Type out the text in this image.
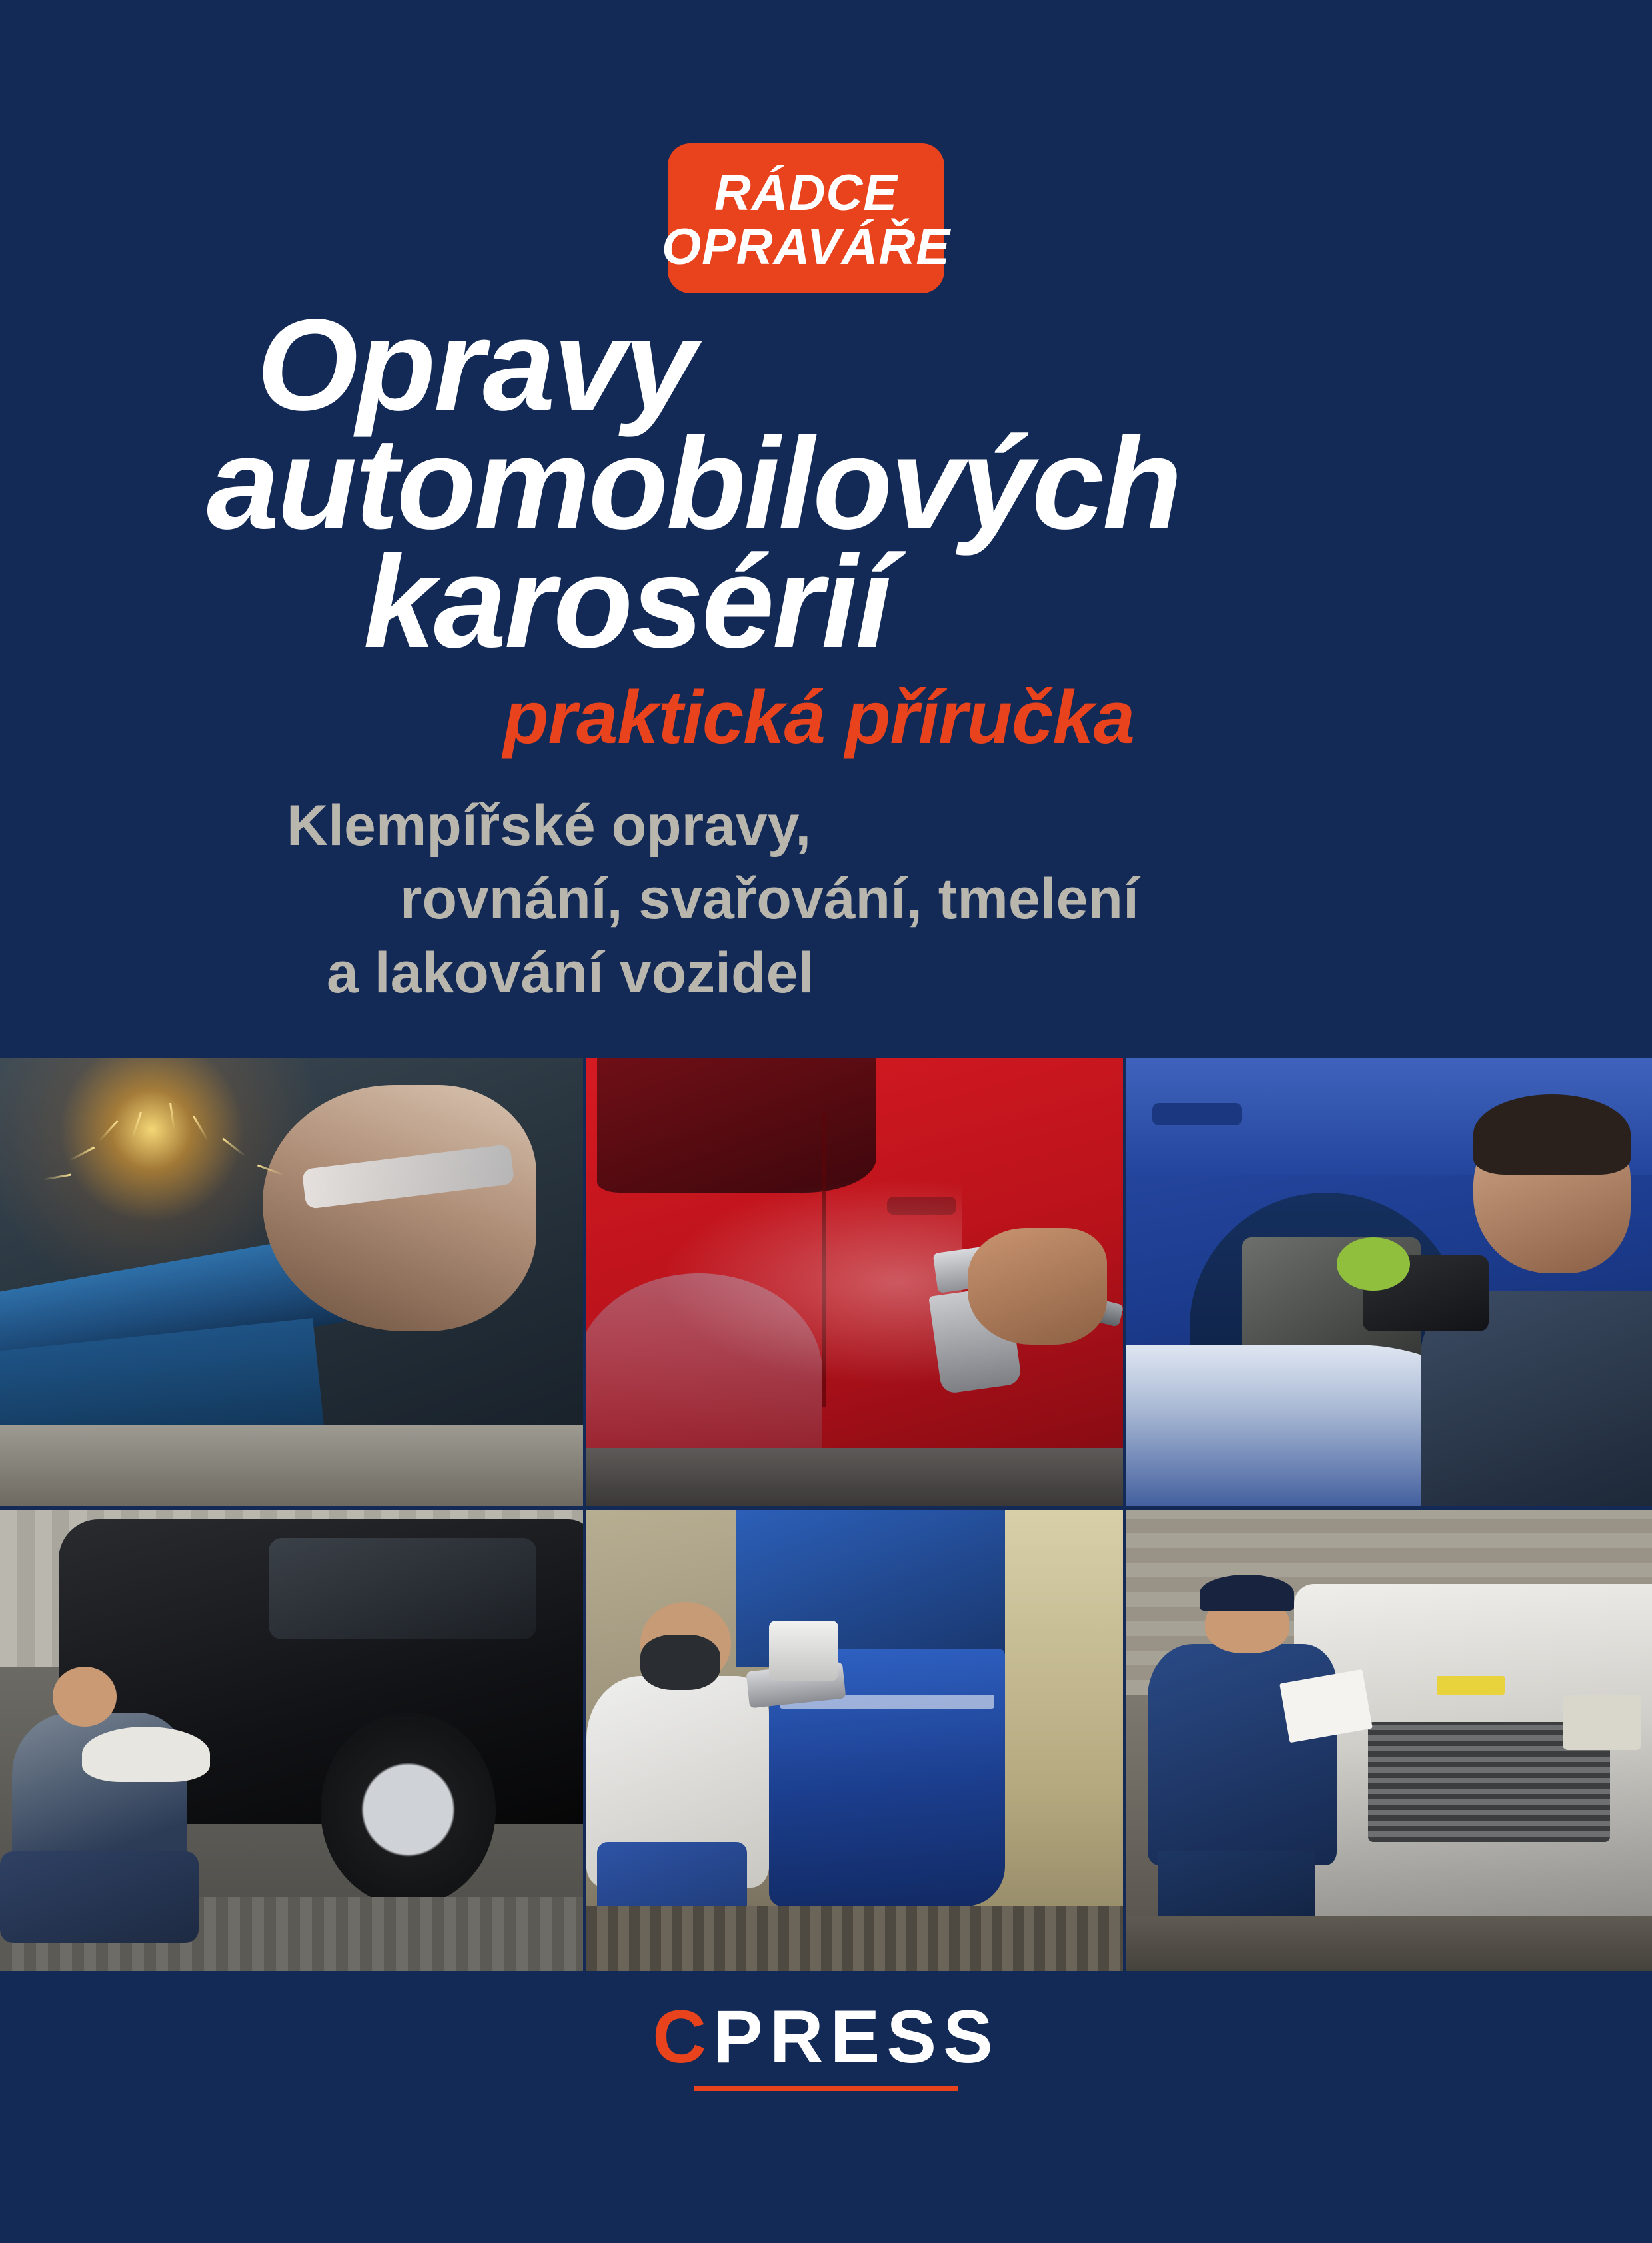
RÁDCE
OPRAVÁŘE
Opravy
automobilových
karosérií
praktická příručka
Klempířské opravy,
rovnání, svařování, tmelení
a lakování vozidel
CPRESS
